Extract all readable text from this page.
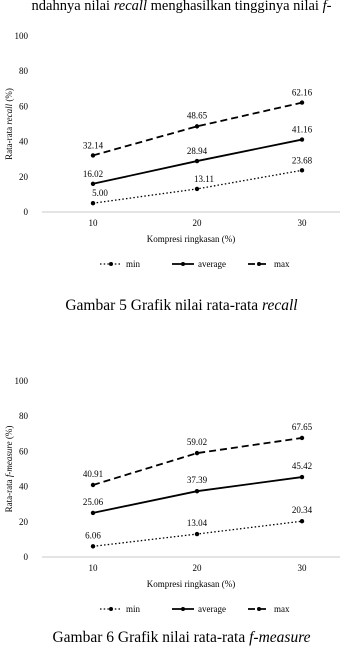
ndahnya nilai recall menghasilkan tingginya nilai f-
0
20
40
60
80
100
10	20	30
Kompresi ringkasan (%)
Rata-rata recall (%)
5.00
13.11
23.68
16.02
28.94
41.16
32.14
48.65
62.16
min	average	max
Gambar 5 Grafik nilai rata-rata recall
0
20
40
60
80
100
10	20	30
Kompresi ringkasan (%)
Rata-rata f-measure (%)
6.06
13.04
20.34
25.06
37.39
45.42
40.91
59.02
67.65
min	average	max
Gambar 6 Grafik nilai rata-rata f-measure
